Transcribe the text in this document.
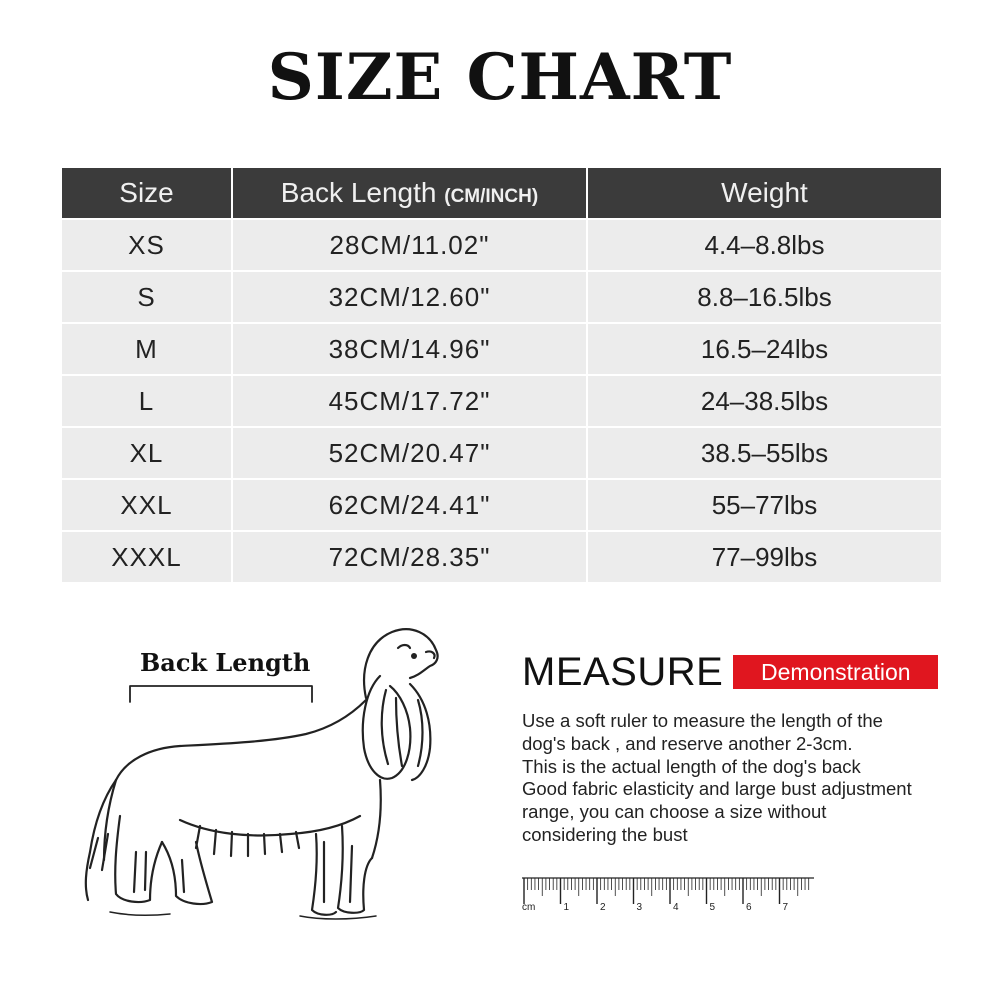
SIZE CHART
Size	Back Length (CM/INCH)	Weight
XS	28CM/11.02"	4.4–8.8lbs
S	32CM/12.60"	8.8–16.5lbs
M	38CM/14.96"	16.5–24lbs
L	45CM/17.72"	24–38.5lbs
XL	52CM/20.47"	38.5–55lbs
XXL	62CM/24.41"	55–77lbs
XXXL	72CM/28.35"	77–99lbs
Back Length	MEASURE	Demonstration
Use a soft ruler to measure the length of the
dog's back , and reserve another 2-3cm.
This is the actual length of the dog's back
Good fabric elasticity and large bust adjustment
range, you can choose a size without
considering the bust
cm	1	2	3	4	5	6	7
